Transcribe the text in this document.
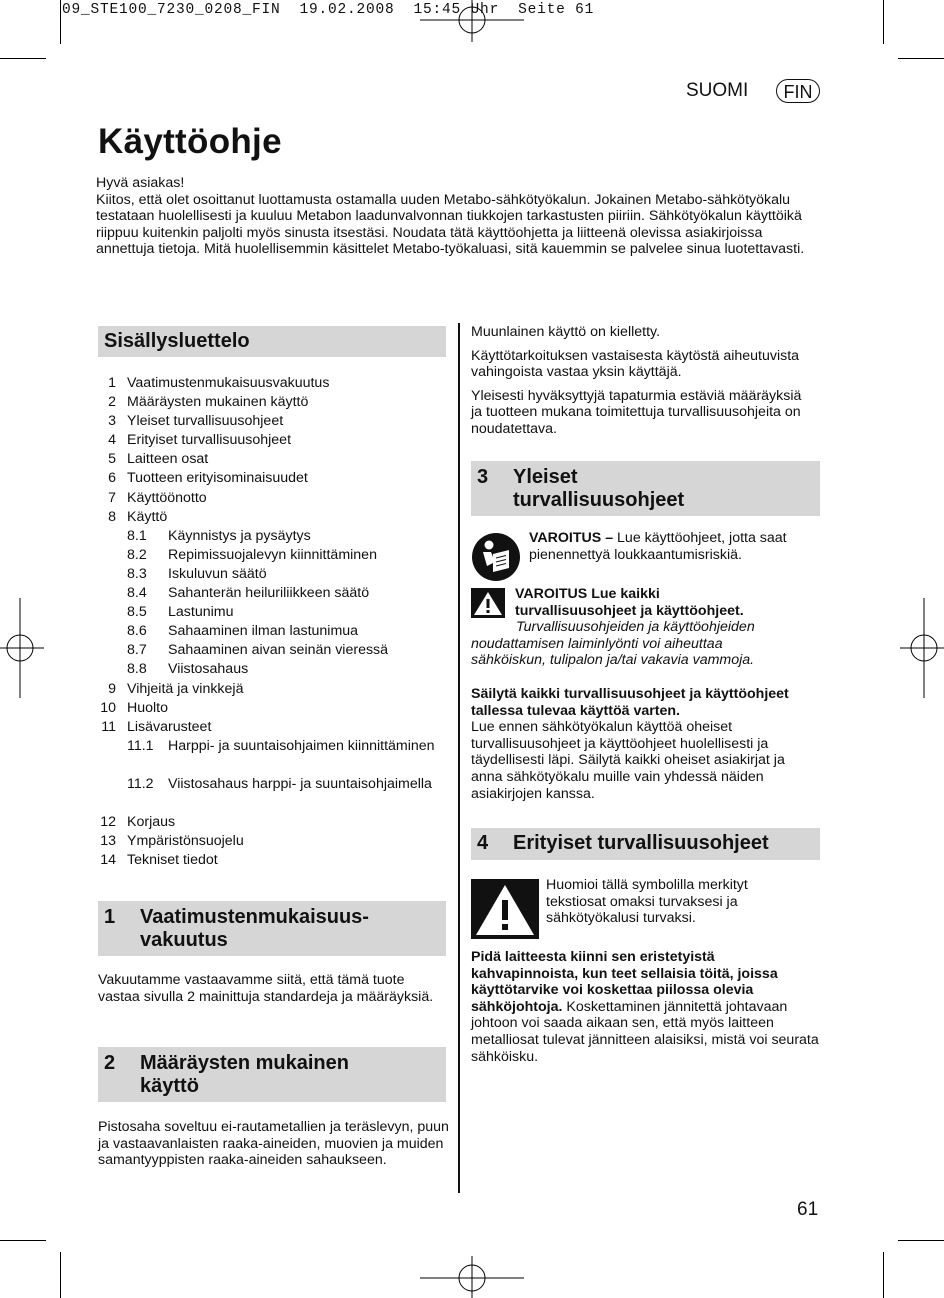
09_STE100_7230_0208_FIN  19.02.2008  15:45 Uhr  Seite 61
SUOMI	FIN
Käyttöohje

Hyvä asiakas!

Kiitos, että olet osoittanut luottamusta ostamalla uuden Metabo-sähkötyökalun. Jokainen Metabo-sähkötyökalu testataan huolellisesti ja kuuluu Metabon laadunvalvonnan tiukkojen tarkastusten piiriin. Sähkötyökalun käyttöikä riippuu kuitenkin paljolti myös sinusta itsestäsi. Noudata tätä käyttöohjetta ja liitteenä olevissa asiakirjoissa annettuja tietoja. Mitä huolellisemmin käsittelet Metabo-työkaluasi, sitä kauemmin se palvelee sinua luotettavasti.

Sisällysluettelo
1 Vaatimustenmukaisuusvakuutus
2 Määräysten mukainen käyttö
3 Yleiset turvallisuusohjeet
4 Erityiset turvallisuusohjeet
5 Laitteen osat
6 Tuotteen erityisominaisuudet
7 Käyttöönotto
8 Käyttö
8.1	Käynnistys ja pysäytys
8.2	Repimissuojalevyn kiinnittäminen
8.3	Iskuluvun säätö
8.4	Sahanterän heiluriliikkeen säätö
8.5	Lastunimu
8.6	Sahaaminen ilman lastunimua
8.7	Sahaaminen aivan seinän vieressä
8.8	Viistosahaus
9 Vihjeitä ja vinkkejä
10 Huolto
11 Lisävarusteet
11.1	Harppi- ja suuntaisohjaimen kiinnittäminen
11.2	Viistosahaus harppi- ja suuntaisohjaimella
12 Korjaus
13 Ympäristönsuojelu
14 Tekniset tiedot
1 Vaatimustenmukaisuus-
vakuutus

Vakuutamme vastaavamme siitä, että tämä tuote vastaa sivulla 2 mainittuja standardeja ja määräyksiä.

2 Määräysten mukainen
käyttö

Pistosaha soveltuu ei-rautametallien ja teräslevyn, puun ja vastaavanlaisten raaka-aineiden, muovien ja muiden samantyyppisten raaka-aineiden sahaukseen.

Muunlainen käyttö on kielletty.

Käyttötarkoituksen vastaisesta käytöstä aiheutuvista vahingoista vastaa yksin käyttäjä.

Yleisesti hyväksyttyjä tapaturmia estäviä määräyksiä ja tuotteen mukana toimitettuja turvallisuusohjeita on noudatettava.

3 Yleiset
turvallisuusohjeet
VAROITUS – Lue käyttöohjeet, jotta saat pienennettyä loukkaantumisriskiä.
VAROITUS Lue kaikki
turvallisuusohjeet ja käyttöohjeet.
Turvallisuusohjeiden ja käyttöohjeiden noudattamisen laiminlyönti voi aiheuttaa sähköiskun, tulipalon ja/tai vakavia vammoja.
Säilytä kaikki turvallisuusohjeet ja käyttöohjeet tallessa tulevaa käyttöä varten.
Lue ennen sähkötyökalun käyttöä oheiset turvallisuusohjeet ja käyttöohjeet huolellisesti ja täydellisesti läpi. Säilytä kaikki oheiset asiakirjat ja anna sähkötyökalu muille vain yhdessä näiden asiakirjojen kanssa.
4 Erityiset turvallisuusohjeet
Huomioi tällä symbolilla merkityt tekstiosat omaksi turvaksesi ja sähkötyökalusi turvaksi.
Pidä laitteesta kiinni sen eristetyistä kahvapinnoista, kun teet sellaisia töitä, joissa käyttötarvike voi koskettaa piilossa olevia sähköjohtoja. Koskettaminen jännitettä johtavaan johtoon voi saada aikaan sen, että myös laitteen metalliosat tulevat jännitteen alaisiksi, mistä voi seurata sähköisku.
61
